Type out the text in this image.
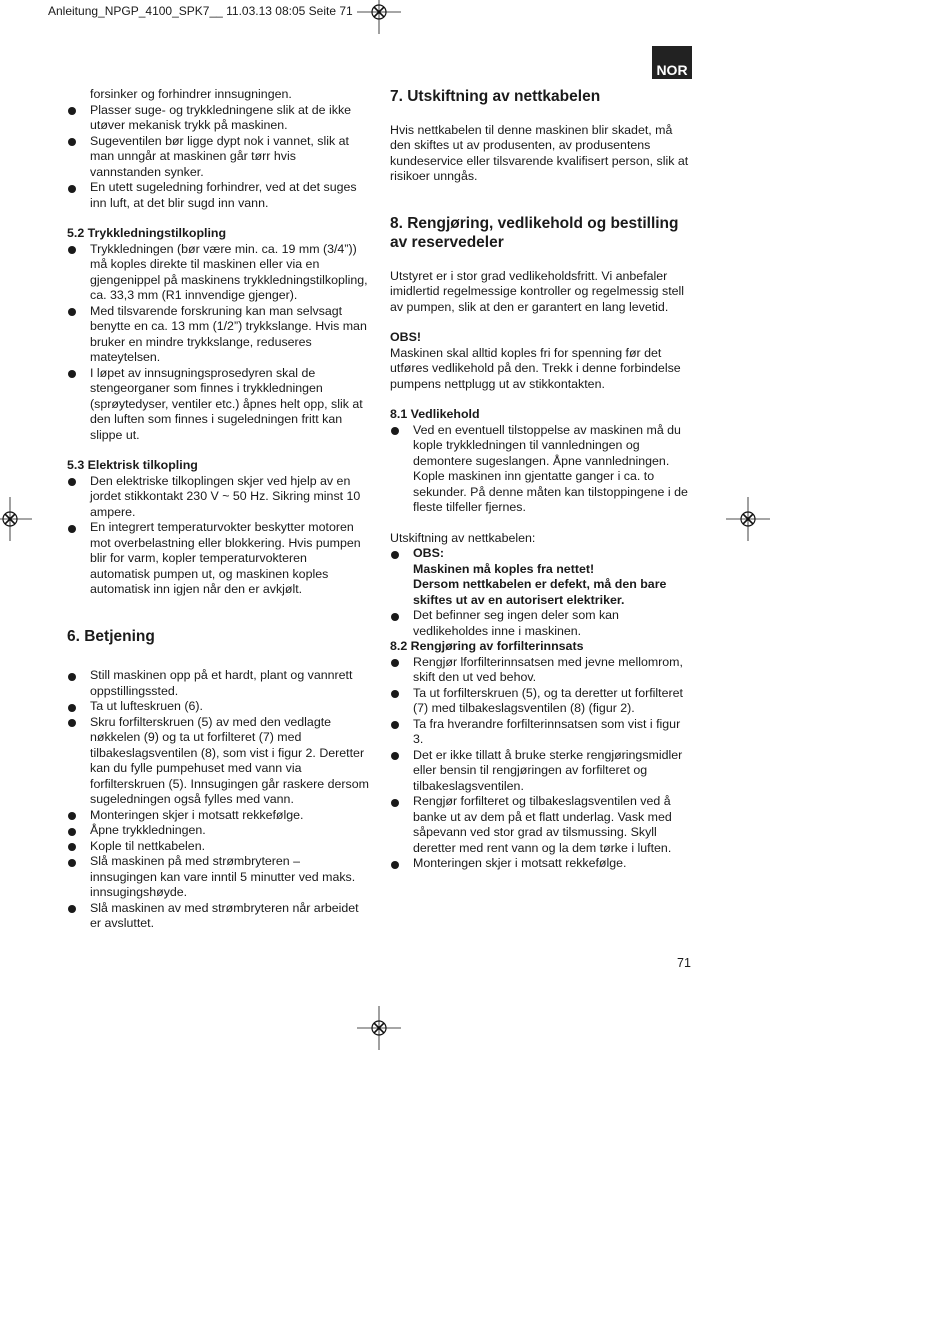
Anleitung_NPGP_4100_SPK7__ 11.03.13 08:05 Seite 71
NOR

forsinker og forhindrer innsugningen.

Plasser suge- og trykkledningene slik at de ikke utøver mekanisk trykk på maskinen.
Sugeventilen bør ligge dypt nok i vannet, slik at man unngår at maskinen går tørr hvis vannstanden synker.
En utett sugeledning forhindrer, ved at det suges inn luft, at det blir sugd inn vann.

5.2 Trykkledningstilkopling

Trykkledningen (bør være min. ca. 19 mm (3/4”)) må koples direkte til maskinen eller via en gjengenippel på maskinens trykkledningstilkopling, ca. 33,3 mm (R1 innvendige gjenger).
Med tilsvarende forskruning kan man selvsagt benytte en ca. 13 mm (1/2”) trykkslange. Hvis man bruker en mindre trykkslange, reduseres mateytelsen.
I løpet av innsugningsprosedyren skal de stengeorganer som finnes i trykkledningen (sprøytedyser, ventiler etc.) åpnes helt opp, slik at den luften som finnes i sugeledningen fritt kan slippe ut.

5.3 Elektrisk tilkopling

Den elektriske tilkoplingen skjer ved hjelp av en jordet stikkontakt 230 V ~ 50 Hz. Sikring minst 10 ampere.
En integrert temperaturvokter beskytter motoren mot overbelastning eller blokkering. Hvis pumpen blir for varm, kopler temperaturvokteren automatisk pumpen ut, og maskinen koples automatisk inn igjen når den er avkjølt.

6. Betjening

Still maskinen opp på et hardt, plant og vannrett oppstillingssted.
Ta ut lufteskruen (6).
Skru forfilterskruen (5) av med den vedlagte nøkkelen (9) og ta ut forfilteret (7) med tilbakeslagsventilen (8), som vist i figur 2. Deretter kan du fylle pumpehuset med vann via forfilterskruen (5). Innsugingen går raskere dersom sugeledningen også fylles med vann.
Monteringen skjer i motsatt rekkefølge.
Åpne trykkledningen.
Kople til nettkabelen.
Slå maskinen på med strømbryteren – innsugingen kan vare inntil 5 minutter ved maks. innsugingshøyde.
Slå maskinen av med strømbryteren når arbeidet er avsluttet.

7. Utskiftning av nettkabelen

Hvis nettkabelen til denne maskinen blir skadet, må den skiftes ut av produsenten, av produsentens kundeservice eller tilsvarende kvalifisert person, slik at risikoer unngås.

8. Rengjøring, vedlikehold og bestilling av reservedeler

Utstyret er i stor grad vedlikeholdsfritt. Vi anbefaler imidlertid regelmessige kontroller og regelmessig stell av pumpen, slik at den er garantert en lang levetid.

OBS!

Maskinen skal alltid koples fri for spenning før det utføres vedlikehold på den. Trekk i denne forbindelse pumpens nettplugg ut av stikkontakten.

8.1 Vedlikehold

Ved en eventuell tilstoppelse av maskinen må du kople trykkledningen til vannledningen og demontere sugeslangen. Åpne vannledningen. Kople maskinen inn gjentatte ganger i ca. to sekunder. På denne måten kan tilstoppingene i de fleste tilfeller fjernes.

Utskiftning av nettkabelen:

OBS:
Maskinen må koples fra nettet!
Dersom nettkabelen er defekt, må den bare skiftes ut av en autorisert elektriker.
Det befinner seg ingen deler som kan vedlikeholdes inne i maskinen.

8.2 Rengjøring av forfilterinnsats

Rengjør lforfilterinnsatsen med jevne mellomrom, skift den ut ved behov.
Ta ut forfilterskruen (5), og ta deretter ut forfilteret (7) med tilbakeslagsventilen (8) (figur 2).
Ta fra hverandre forfilterinnsatsen som vist i figur 3.
Det er ikke tillatt å bruke sterke rengjøringsmidler eller bensin til rengjøringen av forfilteret og tilbakeslagsventilen.
Rengjør forfilteret og tilbakeslagsventilen ved å banke ut av dem på et flatt underlag. Vask med såpevann ved stor grad av tilsmussing. Skyll deretter med rent vann og la dem tørke i luften.
Monteringen skjer i motsatt rekkefølge.
71
